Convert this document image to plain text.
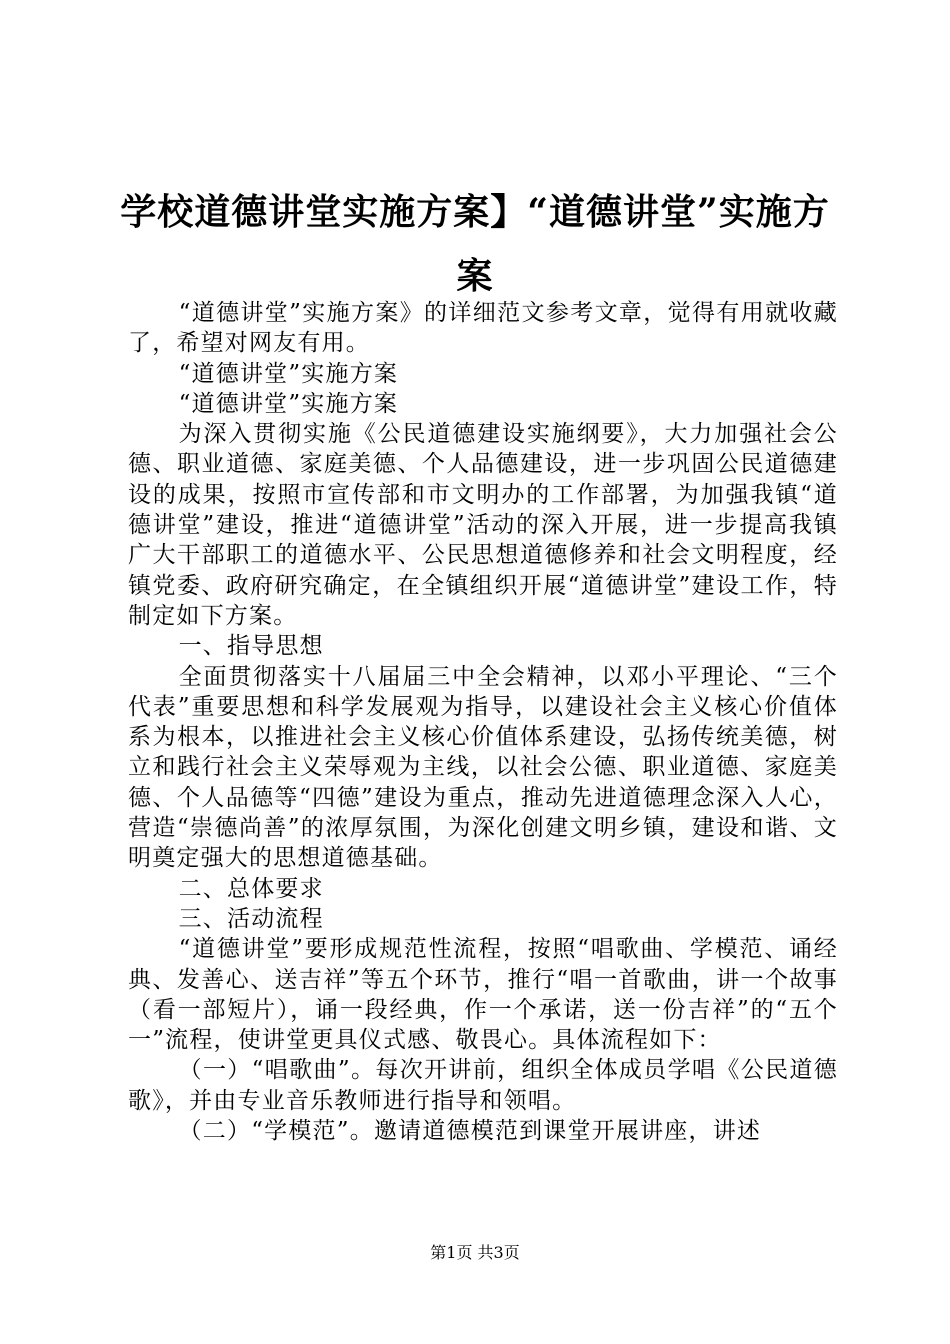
学校道德讲堂实施方案】“道德讲堂”实施方案

“道德讲堂”实施方案》的详细范文参考文章，觉得有用就收藏了，希望对网友有用。

“道德讲堂”实施方案

“道德讲堂”实施方案

为深入贯彻实施《公民道德建设实施纲要》，大力加强社会公德、职业道德、家庭美德、个人品德建设，进一步巩固公民道德建设的成果，按照市宣传部和市文明办的工作部署，为加强我镇“道德讲堂”建设，推进“道德讲堂”活动的深入开展，进一步提高我镇广大干部职工的道德水平、公民思想道德修养和社会文明程度，经镇党委、政府研究确定，在全镇组织开展“道德讲堂”建设工作，特制定如下方案。

一、指导思想

全面贯彻落实十八届届三中全会精神，以邓小平理论、“三个代表”重要思想和科学发展观为指导，以建设社会主义核心价值体系为根本，以推进社会主义核心价值体系建设，弘扬传统美德，树立和践行社会主义荣辱观为主线，以社会公德、职业道德、家庭美德、个人品德等“四德”建设为重点，推动先进道德理念深入人心，营造“崇德尚善”的浓厚氛围，为深化创建文明乡镇，建设和谐、文明奠定强大的思想道德基础。

二、总体要求

三、活动流程

“道德讲堂”要形成规范性流程，按照“唱歌曲、学模范、诵经典、发善心、送吉祥”等五个环节，推行“唱一首歌曲，讲一个故事（看一部短片），诵一段经典，作一个承诺，送一份吉祥”的“五个一”流程，使讲堂更具仪式感、敬畏心。具体流程如下：

（一）“唱歌曲”。每次开讲前，组织全体成员学唱《公民道德歌》，并由专业音乐教师进行指导和领唱。

（二）“学模范”。邀请道德模范到课堂开展讲座，讲述

第1页 共3页
